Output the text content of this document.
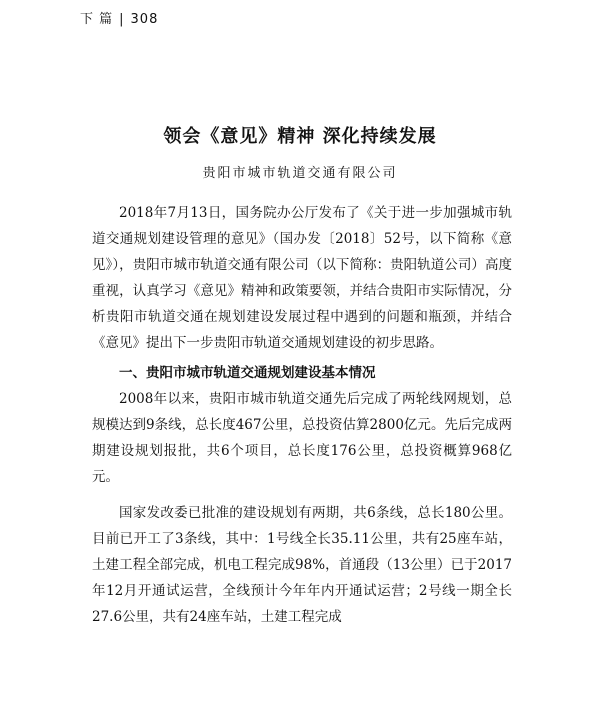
下 篇 | 308
领会《意见》精神 深化持续发展
贵阳市城市轨道交通有限公司

2018年7月13日，国务院办公厅发布了《关于进一步加强城市轨道交通规划建设管理的意见》（国办发〔2018〕52号，以下简称《意见》），贵阳市城市轨道交通有限公司（以下简称：贵阳轨道公司）高度重视，认真学习《意见》精神和政策要领，并结合贵阳市实际情况，分析贵阳市轨道交通在规划建设发展过程中遇到的问题和瓶颈，并结合《意见》提出下一步贵阳市轨道交通规划建设的初步思路。

一、贵阳市城市轨道交通规划建设基本情况

2008年以来，贵阳市城市轨道交通先后完成了两轮线网规划，总规模达到9条线，总长度467公里，总投资估算2800亿元。先后完成两期建设规划报批，共6个项目，总长度176公里，总投资概算968亿元。

国家发改委已批准的建设规划有两期，共6条线，总长180公里。目前已开工了3条线，其中：1号线全长35.11公里，共有25座车站，土建工程全部完成，机电工程完成98%，首通段（13公里）已于2017年12月开通试运营，全线预计今年年内开通试运营；2号线一期全长27.6公里，共有24座车站，土建工程完成
